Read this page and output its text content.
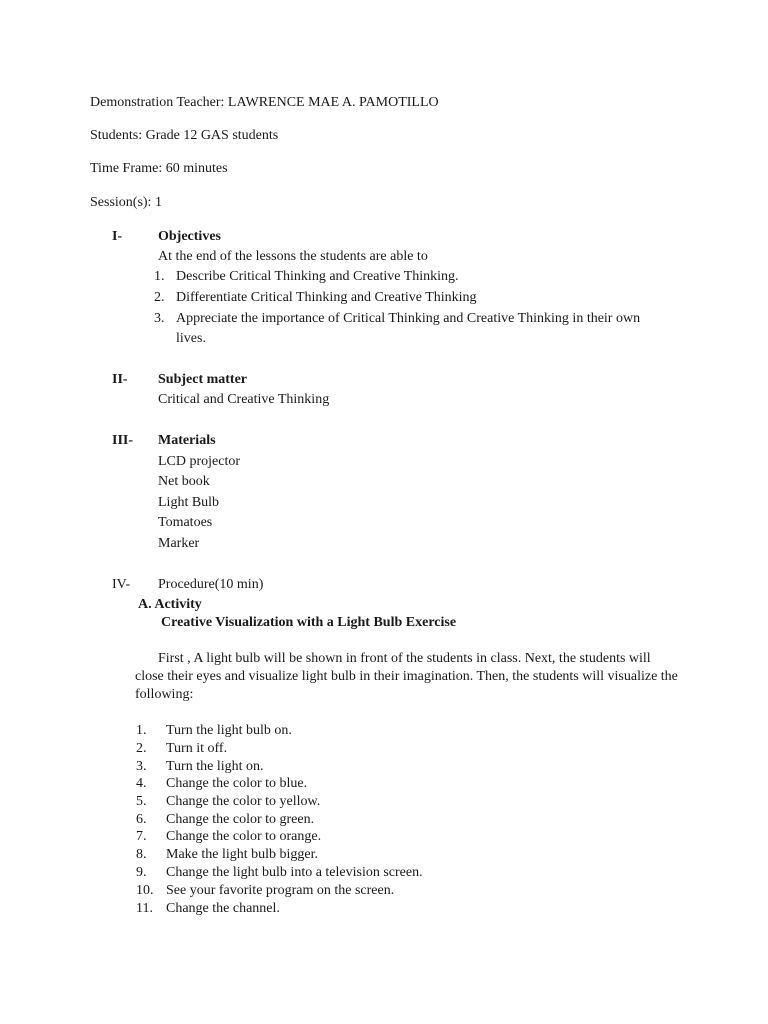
Demonstration Teacher: LAWRENCE MAE A. PAMOTILLO
Students: Grade 12 GAS students
Time Frame: 60 minutes
Session(s): 1
I-	Objectives
At the end of the lessons the students are able to
1. Describe Critical Thinking and Creative Thinking.
2. Differentiate Critical Thinking and Creative Thinking
3. Appreciate the importance of Critical Thinking and Creative Thinking in their own
lives.
II- Subject matter
Critical and Creative Thinking
III- Materials
LCD projector
Net book
Light Bulb
Tomatoes
Marker
IV- Procedure(10 min)
A. Activity
Creative Visualization with a Light Bulb Exercise
First , A light bulb will be shown in front of the students in class. Next, the students will close their eyes and visualize light bulb in their imagination. Then, the students will visualize the following:
1. Turn the light bulb on.
2. Turn it off.
3. Turn the light on.
4. Change the color to blue.
5. Change the color to yellow.
6. Change the color to green.
7. Change the color to orange.
8. Make the light bulb bigger.
9. Change the light bulb into a television screen.
10. See your favorite program on the screen.
11. Change the channel.
